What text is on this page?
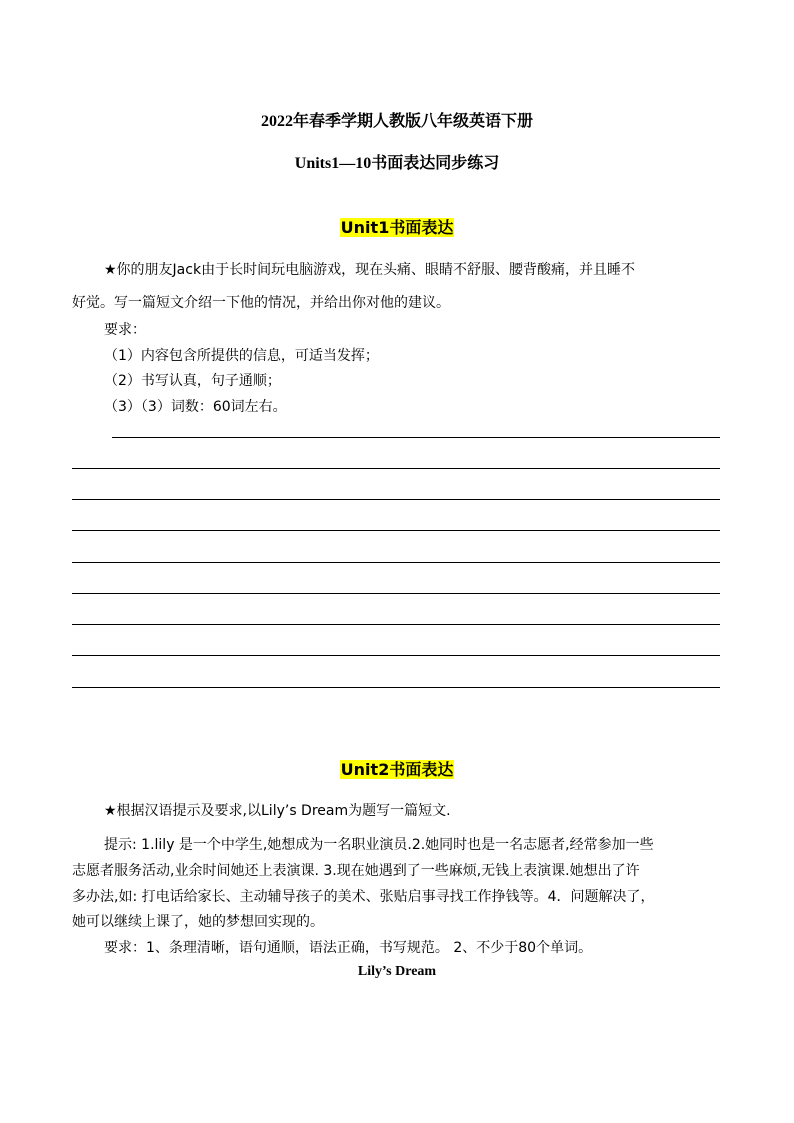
2022年春季学期人教版八年级英语下册
Units1—10书面表达同步练习
Unit1书面表达
★你的朋友Jack由于长时间玩电脑游戏，现在头痛、眼睛不舒服、腰背酸痛，并且睡不
好觉。写一篇短文介绍一下他的情况，并给出你对他的建议。
要求：
（1）内容包含所提供的信息，可适当发挥；
（2）书写认真，句子通顺；
（3）（3）词数：60词左右。
Unit2书面表达
★根据汉语提示及要求,以Lily’s Dream为题写一篇短文.
提示: 1.lily 是一个中学生,她想成为一名职业演员.2.她同时也是一名志愿者,经常参加一些
志愿者服务活动,业余时间她还上表演课. 3.现在她遇到了一些麻烦,无钱上表演课.她想出了许
多办法,如: 打电话给家长、主动辅导孩子的美术、张贴启事寻找工作挣钱等。4．问题解决了，
她可以继续上课了，她的梦想回实现的。
要求：1、条理清晰，语句通顺，语法正确，书写规范。 2、不少于80个单词。
Lily’s Dream
